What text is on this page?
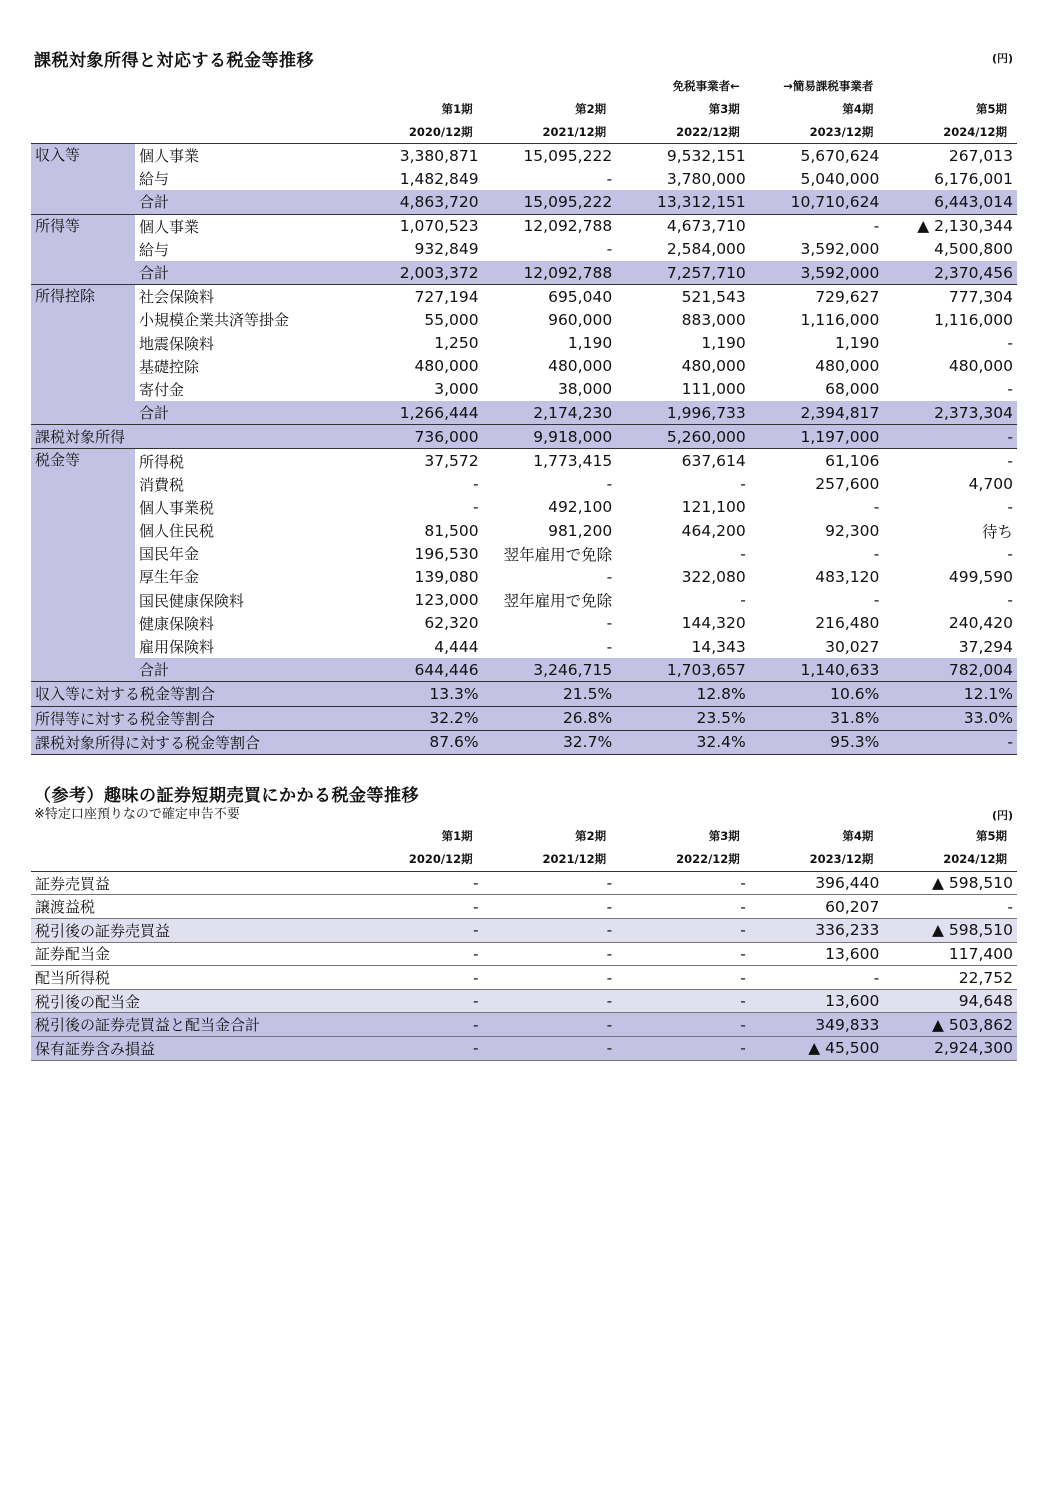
課税対象所得と対応する税金等推移	(円)
免税事業者←	→簡易課税事業者
第1期	第2期	第3期	第4期	第5期
2020/12期	2021/12期	2022/12期	2023/12期	2024/12期
収入等	個人事業	3,380,871	15,095,222	9,532,151	5,670,624	267,013
	給与	1,482,849	-	3,780,000	5,040,000	6,176,001
	合計	4,863,720	15,095,222	13,312,151	10,710,624	6,443,014
所得等	個人事業	1,070,523	12,092,788	4,673,710	-	▲ 2,130,344
	給与	932,849	-	2,584,000	3,592,000	4,500,800
	合計	2,003,372	12,092,788	7,257,710	3,592,000	2,370,456
所得控除	社会保険料	727,194	695,040	521,543	729,627	777,304
	小規模企業共済等掛金	55,000	960,000	883,000	1,116,000	1,116,000
	地震保険料	1,250	1,190	1,190	1,190	-
	基礎控除	480,000	480,000	480,000	480,000	480,000
	寄付金	3,000	38,000	111,000	68,000	-
	合計	1,266,444	2,174,230	1,996,733	2,394,817	2,373,304
課税対象所得		736,000	9,918,000	5,260,000	1,197,000	-
税金等	所得税	37,572	1,773,415	637,614	61,106	-
	消費税	-	-	-	257,600	4,700
	個人事業税	-	492,100	121,100	-	-
	個人住民税	81,500	981,200	464,200	92,300	待ち
	国民年金	196,530	翌年雇用で免除	-	-	-
	厚生年金	139,080	-	322,080	483,120	499,590
	国民健康保険料	123,000	翌年雇用で免除	-	-	-
	健康保険料	62,320	-	144,320	216,480	240,420
	雇用保険料	4,444	-	14,343	30,027	37,294
	合計	644,446	3,246,715	1,703,657	1,140,633	782,004
収入等に対する税金等割合		13.3%	21.5%	12.8%	10.6%	12.1%
所得等に対する税金等割合		32.2%	26.8%	23.5%	31.8%	33.0%
課税対象所得に対する税金等割合		87.6%	32.7%	32.4%	95.3%	-
（参考）趣味の証券短期売買にかかる税金等推移
※特定口座預りなので確定申告不要	(円)
第1期	第2期	第3期	第4期	第5期
2020/12期	2021/12期	2022/12期	2023/12期	2024/12期
証券売買益	-	-	-	396,440	▲ 598,510
譲渡益税	-	-	-	60,207	-
税引後の証券売買益	-	-	-	336,233	▲ 598,510
証券配当金	-	-	-	13,600	117,400
配当所得税	-	-	-	-	22,752
税引後の配当金	-	-	-	13,600	94,648
税引後の証券売買益と配当金合計	-	-	-	349,833	▲ 503,862
保有証券含み損益	-	-	-	▲ 45,500	2,924,300
